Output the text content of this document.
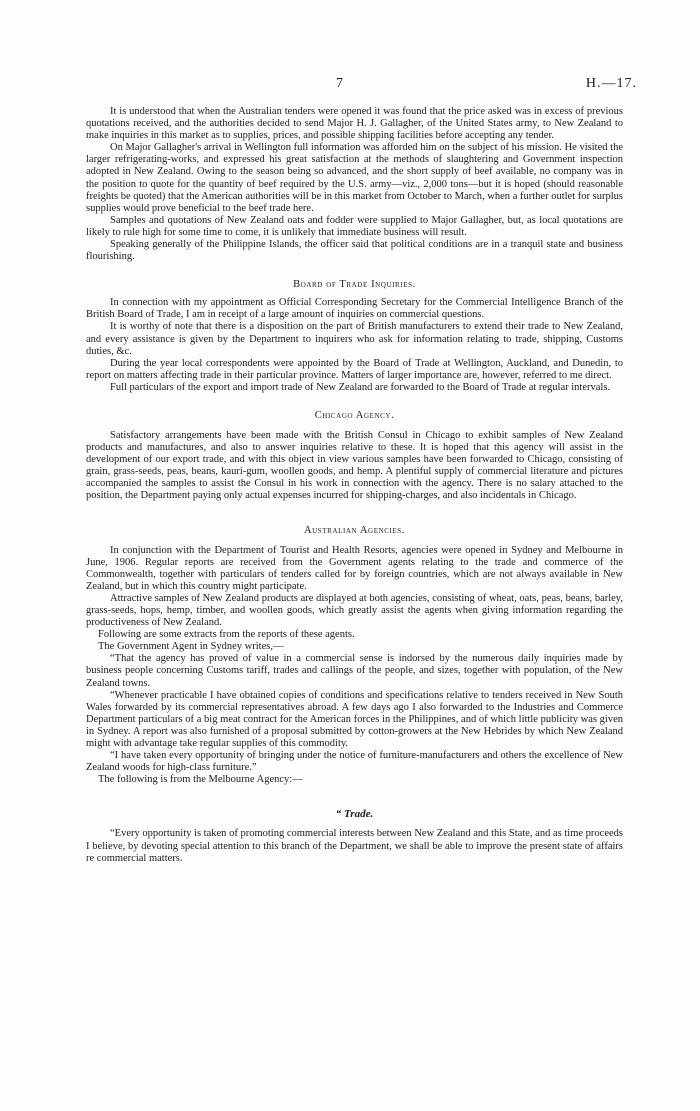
7	H.—17.

It is understood that when the Australian tenders were opened it was found that the price asked was in excess of previous quotations received, and the authorities decided to send Major H. J. Gallagher, of the United States army, to New Zealand to make inquiries in this market as to supplies, prices, and possible shipping facilities before accepting any tender.

On Major Gallagher's arrival in Wellington full information was afforded him on the subject of his mission. He visited the larger refrigerating-works, and expressed his great satisfaction at the methods of slaughtering and Government inspection adopted in New Zealand. Owing to the season being so advanced, and the short supply of beef available, no company was in the position to quote for the quantity of beef required by the U.S. army—viz., 2,000 tons—but it is hoped (should reasonable freights be quoted) that the American authorities will be in this market from October to March, when a further outlet for surplus supplies would prove beneficial to the beef trade here.

Samples and quotations of New Zealand oats and fodder were supplied to Major Gallagher, but, as local quotations are likely to rule high for some time to come, it is unlikely that immediate business will result.

Speaking generally of the Philippine Islands, the officer said that political conditions are in a tranquil state and business flourishing.

Board of Trade Inquiries.

In connection with my appointment as Official Corresponding Secretary for the Commercial Intelligence Branch of the British Board of Trade, I am in receipt of a large amount of inquiries on commercial questions.

It is worthy of note that there is a disposition on the part of British manufacturers to extend their trade to New Zealand, and every assistance is given by the Department to inquirers who ask for information relating to trade, shipping, Customs duties, &c.

During the year local correspondents were appointed by the Board of Trade at Wellington, Auckland, and Dunedin, to report on matters affecting trade in their particular province. Matters of larger importance are, however, referred to me direct.

Full particulars of the export and import trade of New Zealand are forwarded to the Board of Trade at regular intervals.

Chicago Agency.

Satisfactory arrangements have been made with the British Consul in Chicago to exhibit samples of New Zealand products and manufactures, and also to answer inquiries relative to these. It is hoped that this agency will assist in the development of our export trade, and with this object in view various samples have been forwarded to Chicago, consisting of grain, grass-seeds, peas, beans, kauri-gum, woollen goods, and hemp. A plentiful supply of commercial literature and pictures accompanied the samples to assist the Consul in his work in connection with the agency. There is no salary attached to the position, the Department paying only actual expenses incurred for shipping-charges, and also incidentals in Chicago.

Australian Agencies.

In conjunction with the Department of Tourist and Health Resorts, agencies were opened in Sydney and Melbourne in June, 1906. Regular reports are received from the Government agents relating to the trade and commerce of the Commonwealth, together with particulars of tenders called for by foreign countries, which are not always available in New Zealand, but in which this country might participate.

Attractive samples of New Zealand products are displayed at both agencies, consisting of wheat, oats, peas, beans, barley, grass-seeds, hops, hemp, timber, and woollen goods, which greatly assist the agents when giving information regarding the productiveness of New Zealand.

Following are some extracts from the reports of these agents.

The Government Agent in Sydney writes,—

“That the agency has proved of value in a commercial sense is indorsed by the numerous daily inquiries made by business people concerning Customs tariff, trades and callings of the people, and sizes, together with population, of the New Zealand towns.

“Whenever practicable I have obtained copies of conditions and specifications relative to tenders received in New South Wales forwarded by its commercial representatives abroad. A few days ago I also forwarded to the Industries and Commerce Department particulars of a big meat contract for the American forces in the Philippines, and of which little publicity was given in Sydney. A report was also furnished of a proposal submitted by cotton-growers at the New Hebrides by which New Zealand might with advantage take regular supplies of this commodity.

“I have taken every opportunity of bringing under the notice of furniture-manufacturers and others the excellence of New Zealand woods for high-class furniture.”

The following is from the Melbourne Agency:—

“ Trade.

“Every opportunity is taken of promoting commercial interests between New Zealand and this State, and as time proceeds I believe, by devoting special attention to this branch of the Department, we shall be able to improve the present state of affairs re commercial matters.
